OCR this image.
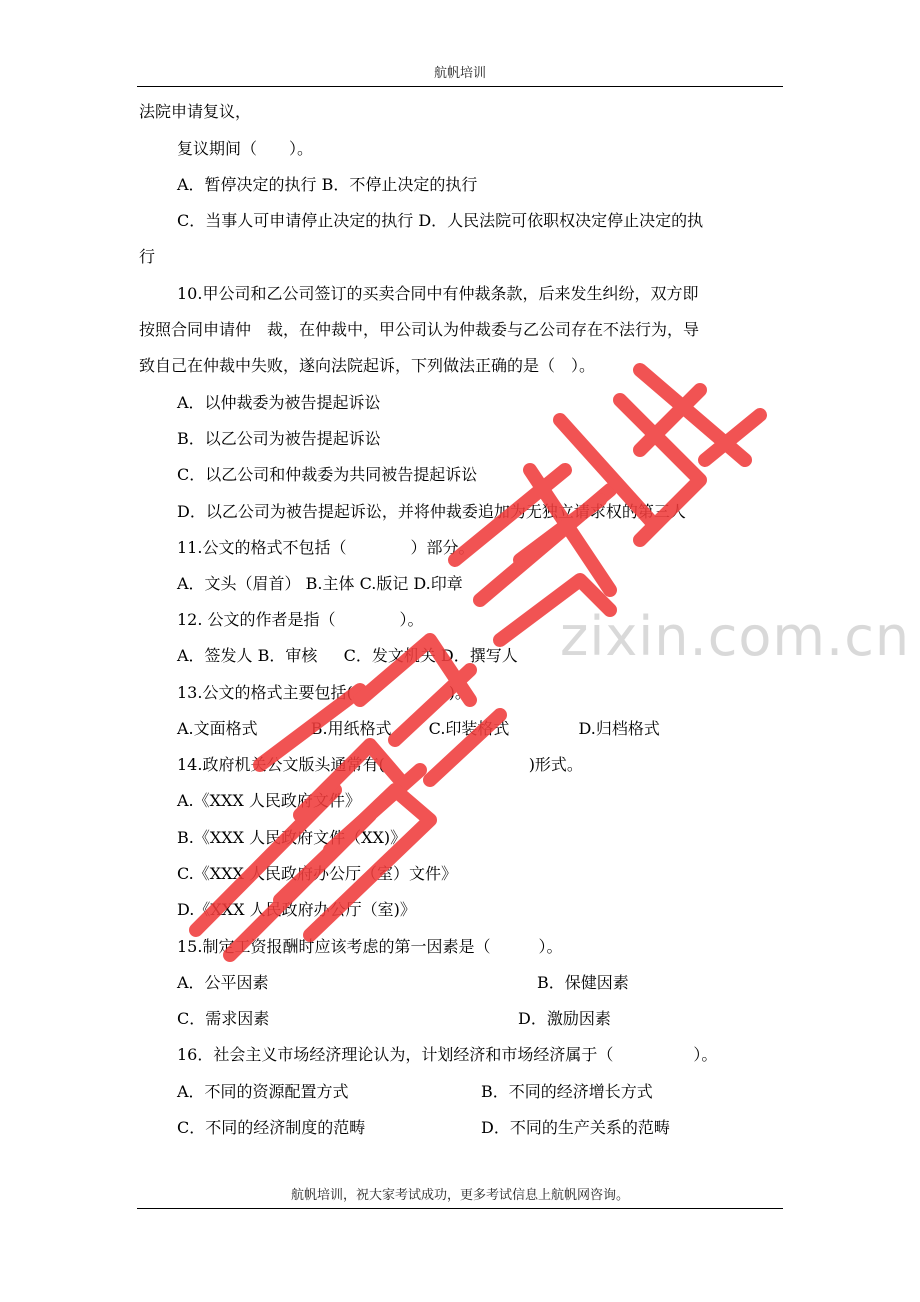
航帆培训
法院申请复议，
复议期间（　　）。
A．暂停决定的执行 B．不停止决定的执行
C．当事人可申请停止决定的执行 D．人民法院可依职权决定停止决定的执
行
10.甲公司和乙公司签订的买卖合同中有仲裁条款，后来发生纠纷，双方即
按照合同申请仲　裁，在仲裁中，甲公司认为仲裁委与乙公司存在不法行为，导
致自己在仲裁中失败，遂向法院起诉，下列做法正确的是（　）。
A．以仲裁委为被告提起诉讼
B．以乙公司为被告提起诉讼
C．以乙公司和仲裁委为共同被告提起诉讼
D．以乙公司为被告提起诉讼，并将仲裁委追加为无独立请求权的第三人
11.公文的格式不包括（　　　　）部分。
A．文头（眉首） B.主体 C.版记 D.印章
12. 公文的作者是指（　　　　）。
A．签发人 B．审核 　 C．发文机关 D．撰写人
13.公文的格式主要包括(　　　　　　)。
A.文面格式 　　　B.用纸格式 　　C.印装格式 　　　　D.归档格式
14.政府机关公文版头通常有(　　　　　　　　　)形式。
A.《XXX 人民政府文件》
B.《XXX 人民政府文件（XX)》
C.《XXX 人民政府办公厅（室）文件》
D.《XXX 人民政府办公厅（室)》
15.制定工资报酬时应该考虑的第一因素是（　　　）。
A．公平因素	B．保健因素
C．需求因素	D．激励因素
16．社会主义市场经济理论认为，计划经济和市场经济属于（　　　　　）。
A．不同的资源配置方式	B．不同的经济增长方式
C．不同的经济制度的范畴	D．不同的生产关系的范畴
zixin.com.cn
航帆培训，祝大家考试成功，更多考试信息上航帆网咨询。
